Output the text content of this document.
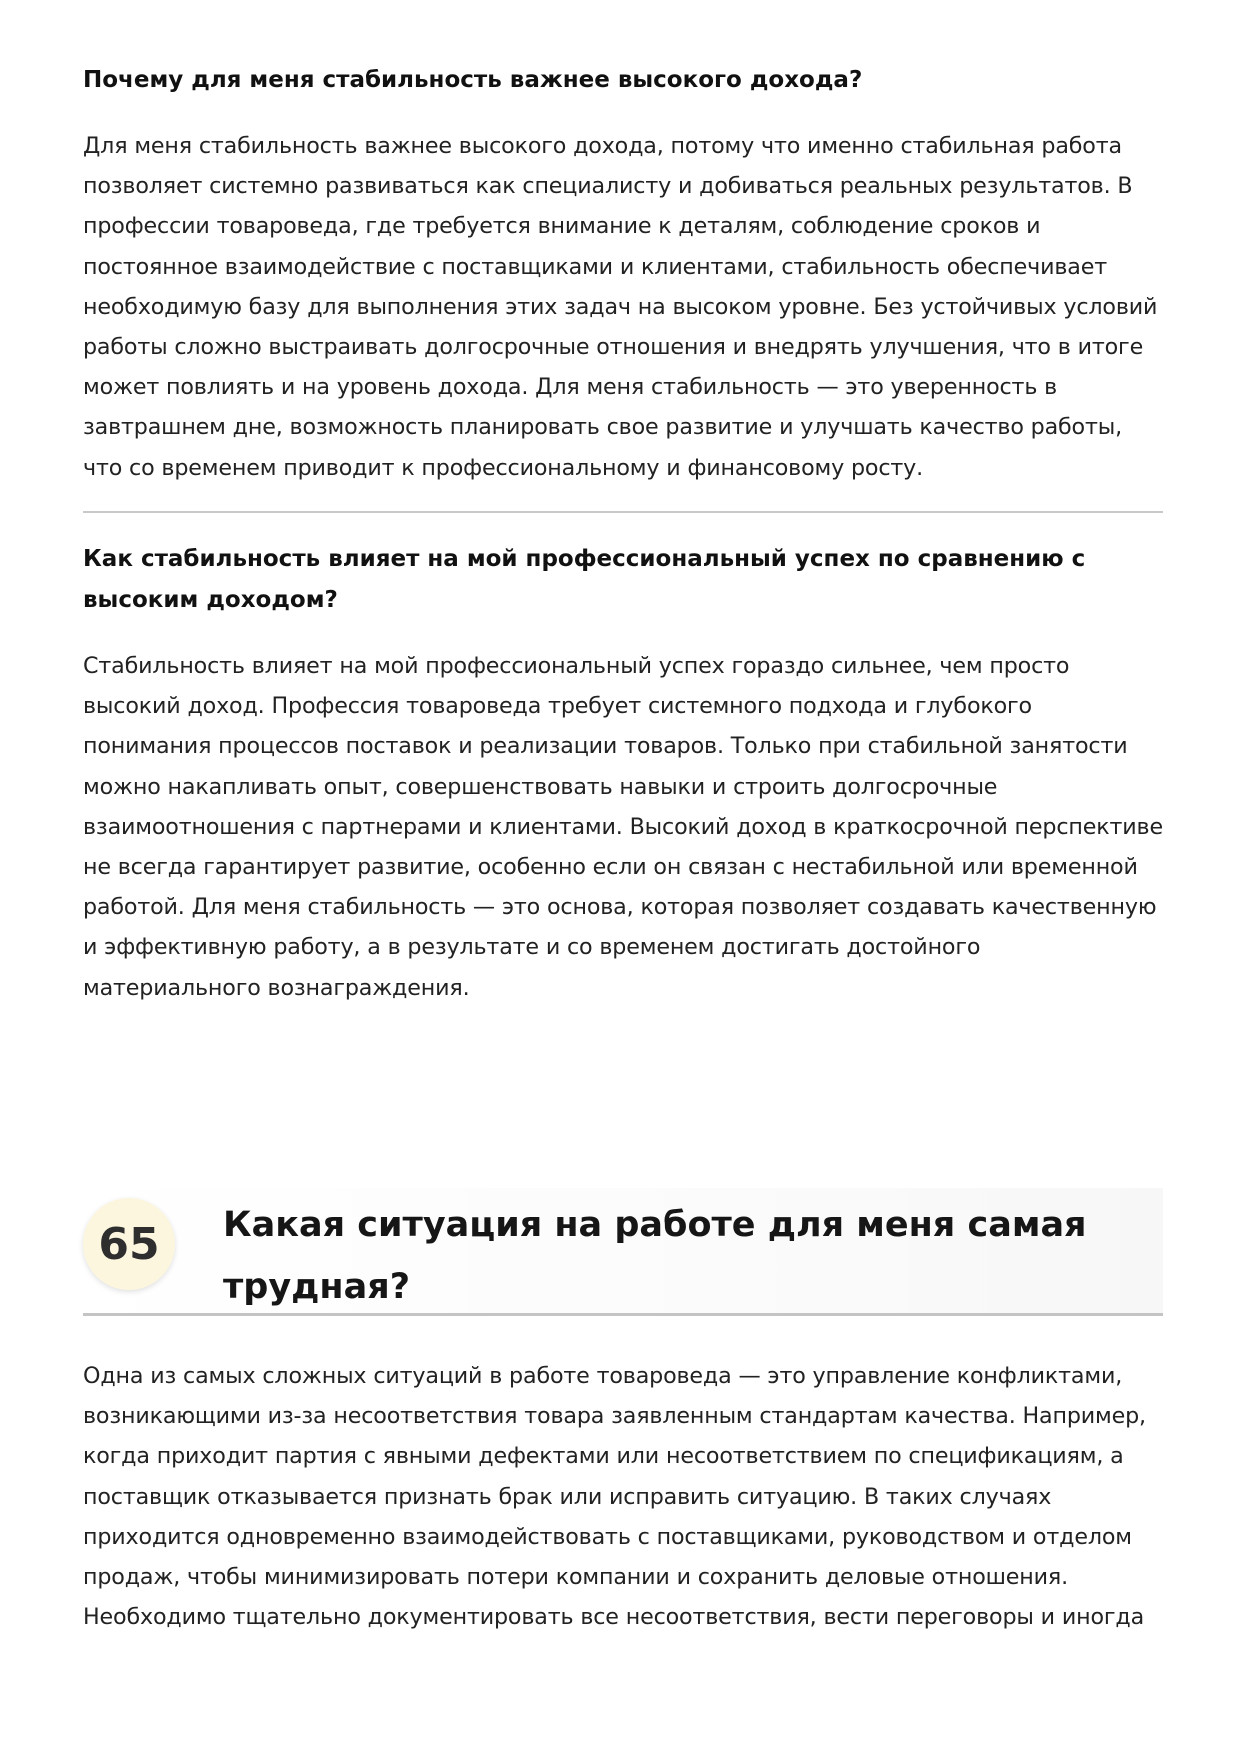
Почему для меня стабильность важнее высокого дохода?

Для меня стабильность важнее высокого дохода, потому что именно стабильная работа позволяет системно развиваться как специалисту и добиваться реальных результатов. В профессии товароведа, где требуется внимание к деталям, соблюдение сроков и постоянное взаимодействие с поставщиками и клиентами, стабильность обеспечивает необходимую базу для выполнения этих задач на высоком уровне. Без устойчивых условий работы сложно выстраивать долгосрочные отношения и внедрять улучшения, что в итоге может повлиять и на уровень дохода. Для меня стабильность — это уверенность в завтрашнем дне, возможность планировать свое развитие и улучшать качество работы, что со временем приводит к профессиональному и финансовому росту.

Как стабильность влияет на мой профессиональный успех по сравнению с высоким доходом?

Стабильность влияет на мой профессиональный успех гораздо сильнее, чем просто высокий доход. Профессия товароведа требует системного подхода и глубокого понимания процессов поставок и реализации товаров. Только при стабильной занятости можно накапливать опыт, совершенствовать навыки и строить долгосрочные взаимоотношения с партнерами и клиентами. Высокий доход в краткосрочной перспективе не всегда гарантирует развитие, особенно если он связан с нестабильной или временной работой. Для меня стабильность — это основа, которая позволяет создавать качественную и эффективную работу, а в результате и со временем достигать достойного материального вознаграждения.

65	Какая ситуация на работе для меня самая трудная?

Одна из самых сложных ситуаций в работе товароведа — это управление конфликтами, возникающими из-за несоответствия товара заявленным стандартам качества. Например, когда приходит партия с явными дефектами или несоответствием по спецификациям, а поставщик отказывается признать брак или исправить ситуацию. В таких случаях приходится одновременно взаимодействовать с поставщиками, руководством и отделом продаж, чтобы минимизировать потери компании и сохранить деловые отношения. Необходимо тщательно документировать все несоответствия, вести переговоры и иногда
